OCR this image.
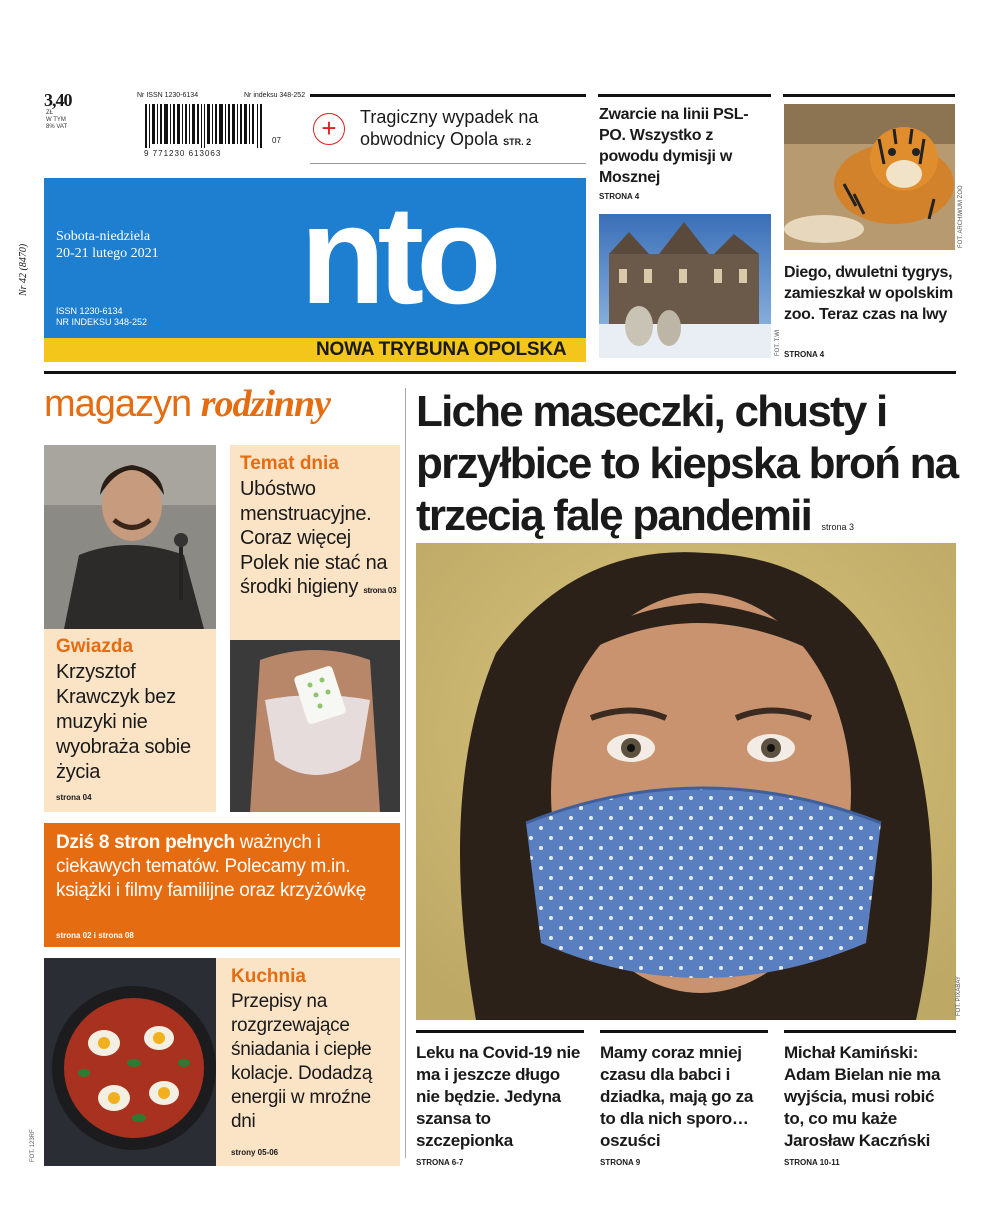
3,40
ZŁ
W TYM
8% VAT
Nr ISSN 1230-6134	Nr indeksu 348-252
9 771230 613063
07	+	Tragiczny wypadek na obwodnicy Opola STR. 2
nto
NOWA TRYBUNA OPOLSKA
Sobota-niedziela
20-21 lutego 2021
ISSN 1230-6134
NR INDEKSU 348-252
Nr 42 (8470)
Zwarcie na linii PSL-PO. Wszystko z powodu dymisji w Mosznej
STRONA 4
FOT. T.WI
FOT. ARCHIWUM ZOO
Diego, dwuletni tygrys, zamieszkał w opolskim zoo. Teraz czas na lwy
STRONA 4
magazyn rodzinny
Gwiazda
Krzysztof Krawczyk bez muzyki nie wyobraża sobie życia
strona 04
Temat dnia
Ubóstwo menstruacyjne. Coraz więcej Polek nie stać na środki higieny strona 03
Dziś 8 stron pełnych ważnych i ciekawych tematów. Polecamy m.in. książki i filmy familijne oraz krzyżówkę
strona 02 i strona 08
FOT. 123RF
Kuchnia
Przepisy na rozgrzewające śniadania i ciepłe kolacje. Dodadzą energii w mroźne dni
strony 05-06
Liche maseczki, chusty i przyłbice to kiepska broń na trzecią falę pandemii strona 3
FOT. PIXABAY
Leku na Covid-19 nie ma i jeszcze długo nie będzie. Jedyna szansa to szczepionka
STRONA 6-7
Mamy coraz mniej czasu dla babci i dziadka, mają go za to dla nich sporo… oszuści
STRONA 9
Michał Kamiński: Adam Bielan nie ma wyjścia, musi robić to, co mu każe Jarosław Kaczński
STRONA 10-11
